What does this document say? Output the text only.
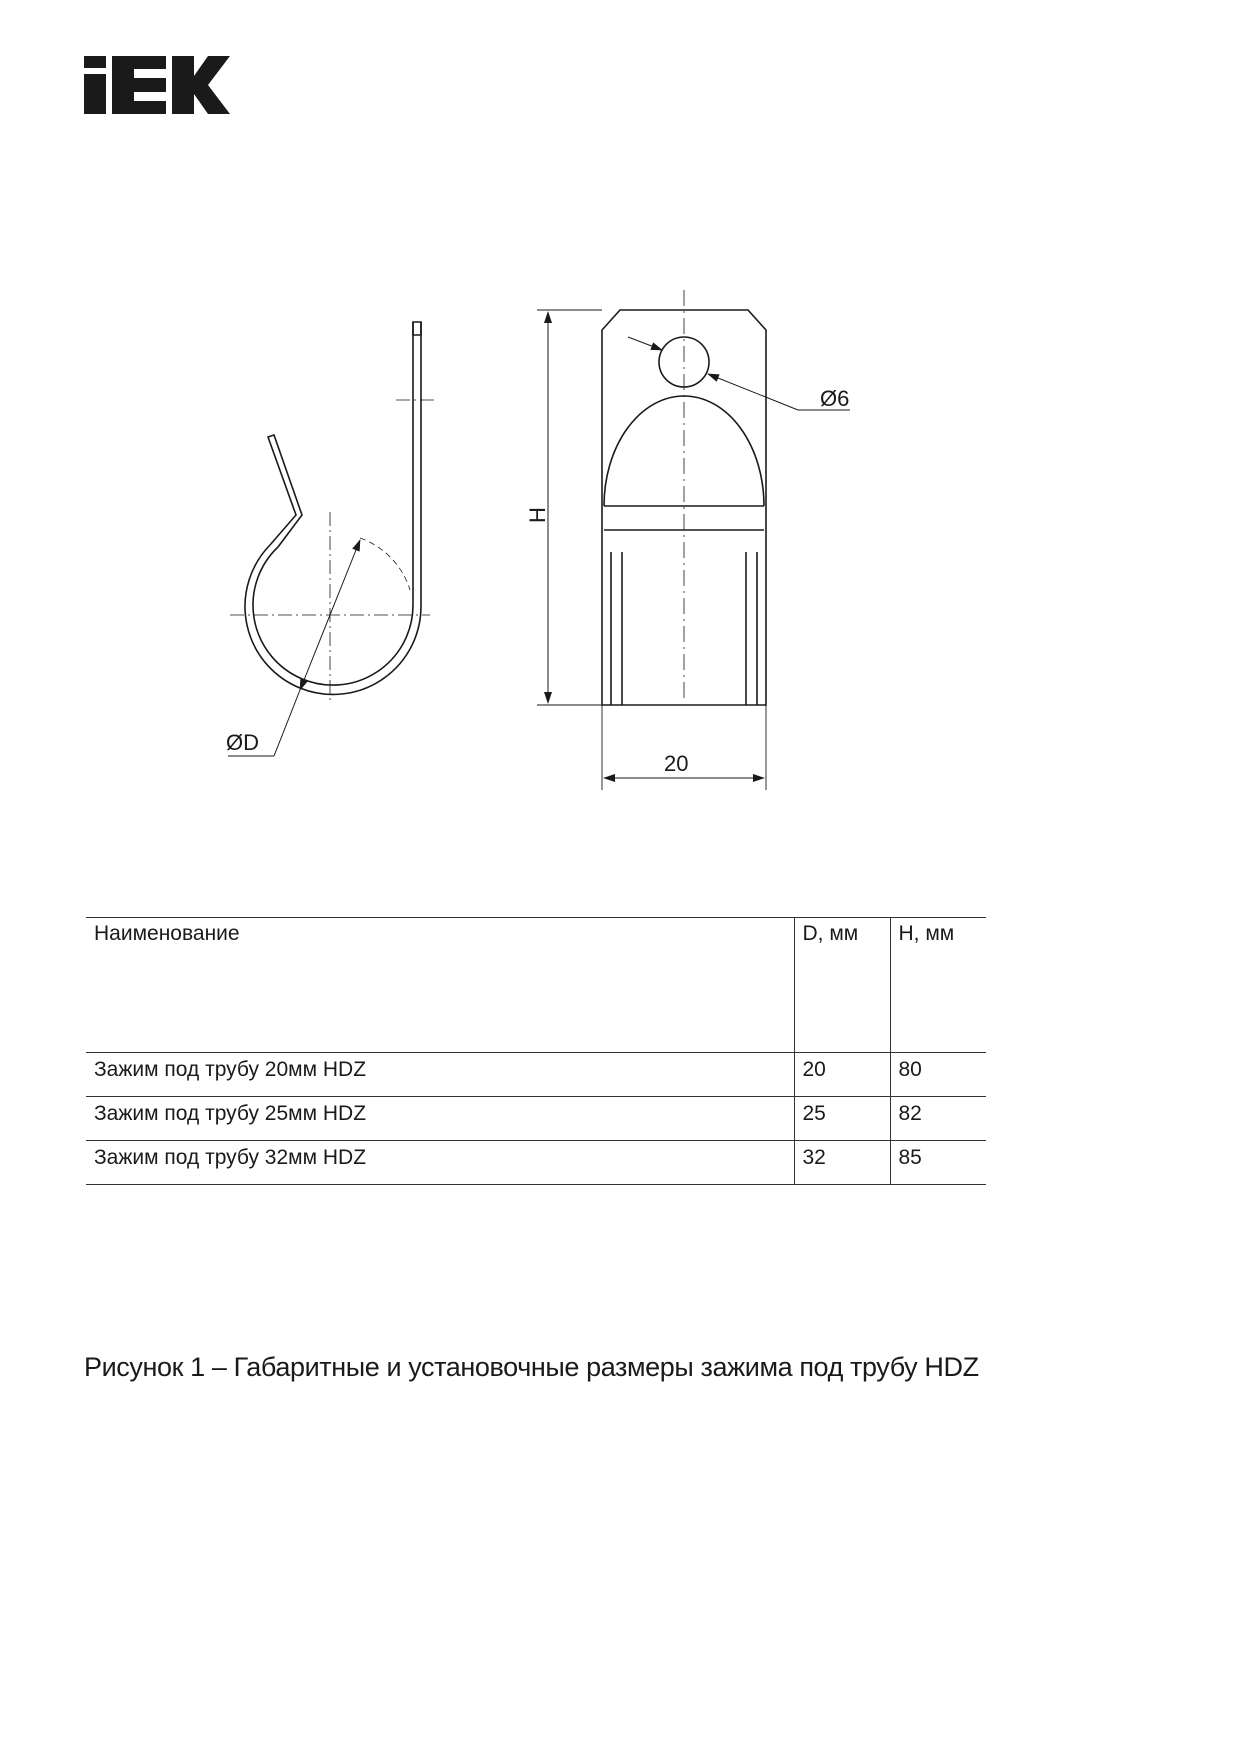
ØD
Ø6
20
H
Наименование	D, мм	H, мм
Зажим под трубу 20мм HDZ	20	80
Зажим под трубу 25мм HDZ	25	82
Зажим под трубу 32мм HDZ	32	85
Рисунок 1 – Габаритные и установочные размеры зажима под трубу HDZ
